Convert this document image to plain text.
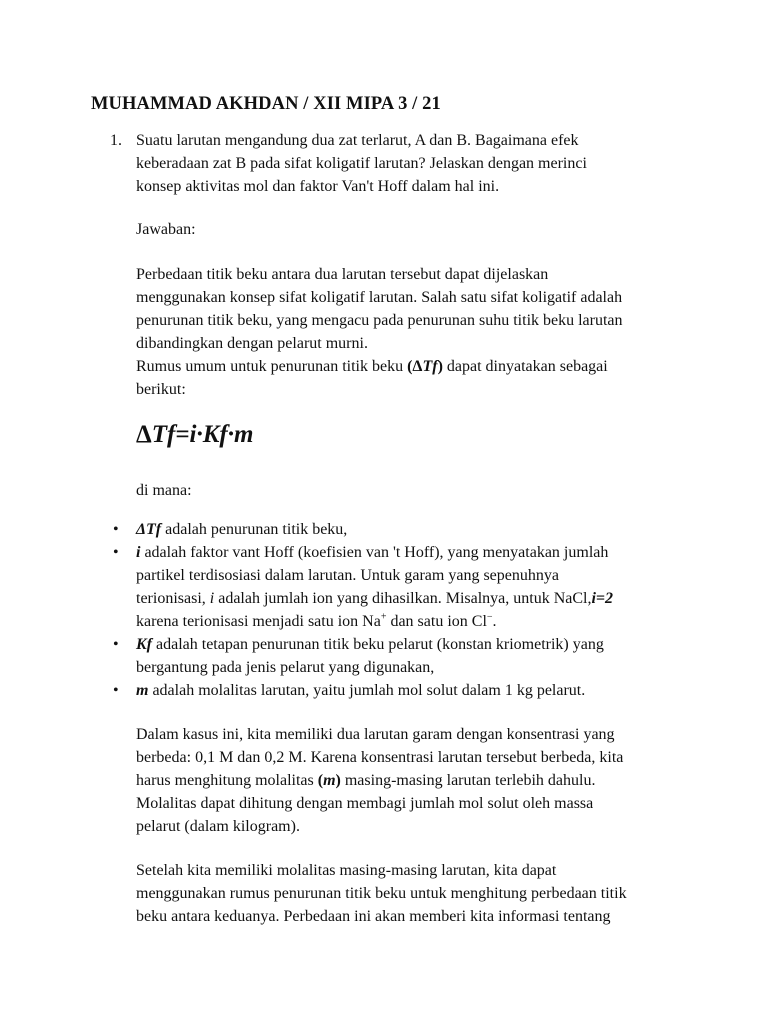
MUHAMMAD AKHDAN / XII MIPA 3 / 21
1. Suatu larutan mengandung dua zat terlarut, A dan B. Bagaimana efek
keberadaan zat B pada sifat koligatif larutan? Jelaskan dengan merinci
konsep aktivitas mol dan faktor Van't Hoff dalam hal ini.
Jawaban:
Perbedaan titik beku antara dua larutan tersebut dapat dijelaskan
menggunakan konsep sifat koligatif larutan. Salah satu sifat koligatif adalah
penurunan titik beku, yang mengacu pada penurunan suhu titik beku larutan
dibandingkan dengan pelarut murni.
Rumus umum untuk penurunan titik beku (ΔTf) dapat dinyatakan sebagai
berikut:
ΔTf=i·Kf·m
di mana:
• ΔTf adalah penurunan titik beku,
• i adalah faktor vant Hoff (koefisien van 't Hoff), yang menyatakan jumlah
partikel terdisosiasi dalam larutan. Untuk garam yang sepenuhnya
terionisasi, i adalah jumlah ion yang dihasilkan. Misalnya, untuk NaCl,i=2
karena terionisasi menjadi satu ion Na+ dan satu ion Cl−.
• Kf adalah tetapan penurunan titik beku pelarut (konstan kriometrik) yang
bergantung pada jenis pelarut yang digunakan,
• m adalah molalitas larutan, yaitu jumlah mol solut dalam 1 kg pelarut.
Dalam kasus ini, kita memiliki dua larutan garam dengan konsentrasi yang
berbeda: 0,1 M dan 0,2 M. Karena konsentrasi larutan tersebut berbeda, kita
harus menghitung molalitas (m) masing-masing larutan terlebih dahulu.
Molalitas dapat dihitung dengan membagi jumlah mol solut oleh massa
pelarut (dalam kilogram).
Setelah kita memiliki molalitas masing-masing larutan, kita dapat
menggunakan rumus penurunan titik beku untuk menghitung perbedaan titik
beku antara keduanya. Perbedaan ini akan memberi kita informasi tentang
